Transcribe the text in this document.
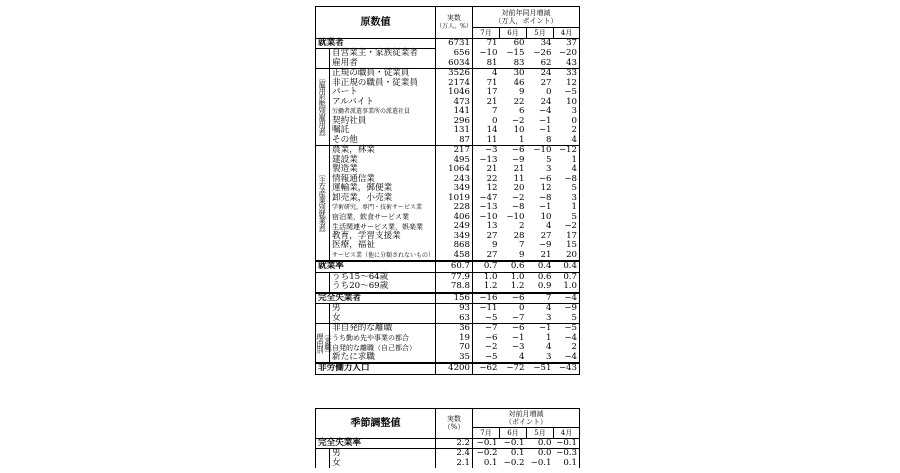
原数値		実数
（万人，%）	対前年同月増減
（万人，ポイント）			
			7月	6月	5月	4月
就業者		6731	71	60	34	37
	自営業主・家族従業者	656	−10	−15	−26	−20
	雇用者	6034	81	83	62	43
〔雇用形態別雇用者〕	正規の職員・従業員	3526	4	30	24	33
	非正規の職員・従業員	2174	71	46	27	12
	パート	1046	17	9	0	−5
	アルバイト	473	21	22	24	10
	労働者派遣事業所の派遣社員	141	7	6	−4	3
	契約社員	296	0	−2	−1	0
	嘱託	131	14	10	−1	2
	その他	87	11	1	8	4
〔主な産業別就業者〕	農業，林業	217	−3	−6	−10	−12
	建設業	495	−13	−9	5	1
	製造業	1064	21	21	3	4
	情報通信業	243	22	11	−6	−8
	運輸業，郵便業	349	12	20	12	5
	卸売業，小売業	1019	−47	−2	−8	3
	学術研究，専門・技術サービス業	228	−13	−8	−1	1
	宿泊業，飲食サービス業	406	−10	−10	10	5
	生活関連サービス業，娯楽業	249	13	2	4	−2
	教育，学習支援業	349	27	28	27	17
	医療，福祉	868	9	7	−9	15
	サービス業（他に分類されないもの）	458	27	9	21	20
就業率		60.7	0.7	0.6	0.4	0.4
	うち15〜64歳	77.9	1.0	1.0	0.6	0.7
	うち20〜69歳	78.8	1.2	1.2	0.9	1.0
完全失業者		156	−16	−6	7	−4
	男	93	−11	0	4	−9
	女	63	−5	−7	3	5
理由別〔求職〕	非自発的な離職	36	−7	−6	−1	−5
	うち勤め先や事業の都合	19	−6	−1	1	−4
	自発的な離職（自己都合）	70	−2	−3	4	2
	新たに求職	35	−5	4	3	−4
非労働力人口		4200	−62	−72	−51	−43
季節調整値		実数
（%）	対前月増減
（ポイント）			
			7月	6月	5月	4月
完全失業率		2.2	−0.1	−0.1	0.0	−0.1
	男	2.4	−0.2	0.1	0.0	−0.3
	女	2.1	0.1	−0.2	−0.1	0.1
